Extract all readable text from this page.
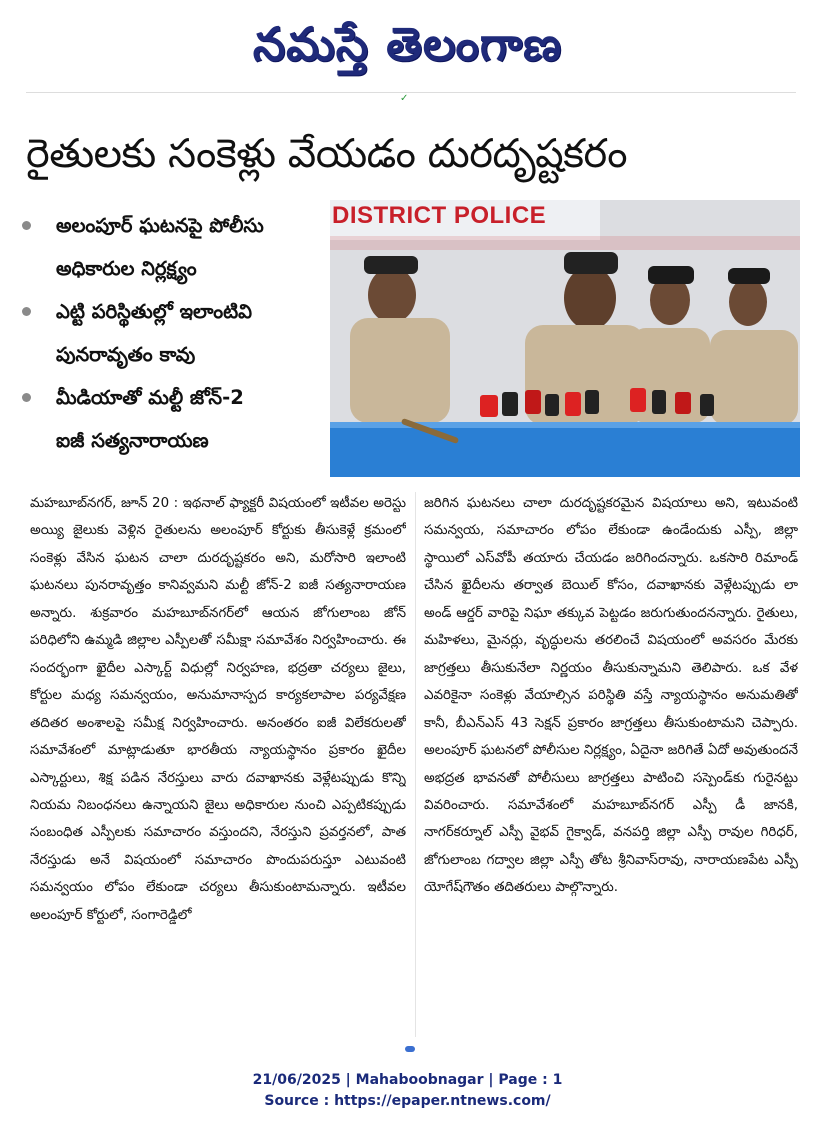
నమస్తే తెలంగాణ
✓
రైతులకు సంకెళ్లు వేయడం దురదృష్టకరం
అలంపూర్ ఘటనపై పోలీసు
అధికారుల నిర్లక్ష్యం
ఎట్టి పరిస్థితుల్లో ఇలాంటివి
పునరావృతం కావు
మీడియాతో మల్టీ జోన్-2
ఐజీ సత్యనారాయణ
DISTRICT POLICE
మహబూబ్‌నగర్, జూన్ 20 : ఇథనాల్ ఫ్యాక్టరీ విషయంలో ఇటీవల అరెస్టు అయ్యి జైలుకు వెళ్లిన రైతులను అలంపూర్ కోర్టుకు తీసుకెళ్లే క్రమంలో సంకెళ్లు వేసిన ఘటన చాలా దురదృష్టకరం అని, మరోసారి ఇలాంటి ఘటనలు పునరావృత్తం కానివ్వమని మల్టీ జోన్-2 ఐజీ సత్యనారాయణ అన్నారు. శుక్రవారం మహబూబ్‌నగర్‌లో ఆయన జోగులాంబ జోన్ పరిధిలోని ఉమ్మడి జిల్లాల ఎస్పీలతో సమీక్షా సమావేశం నిర్వహించారు. ఈ సందర్భంగా ఖైదీల ఎస్కార్ట్ విధుల్లో నిర్వహణ, భద్రతా చర్యలు జైలు, కోర్టుల మధ్య సమన్వయం, అనుమానాస్పద కార్యకలాపాల పర్యవేక్షణ తదితర అంశాలపై సమీక్ష నిర్వహించారు. అనంతరం ఐజీ విలేకరులతో సమావేశంలో మాట్లాడుతూ భారతీయ న్యాయస్థానం ప్రకారం ఖైదీల ఎస్కార్టులు, శిక్ష పడిన నేరస్తులు వారు దవాఖానకు వెళ్లేటప్పుడు కొన్ని నియమ నిబంధనలు ఉన్నాయని జైలు అధికారుల నుంచి ఎప్పటికప్పుడు సంబంధిత ఎస్పీలకు సమాచారం వస్తుందని, నేరస్తుని ప్రవర్తనలో, పాత నేరస్తుడు అనే విషయంలో సమాచారం పొందుపరుస్తూ ఎటువంటి సమన్వయం లోపం లేకుండా చర్యలు తీసుకుంటామన్నారు. ఇటీవల అలంపూర్ కోర్టులో, సంగారెడ్డిలో
జరిగిన ఘటనలు చాలా దురదృష్టకరమైన విషయాలు అని, ఇటువంటి సమన్వయ, సమాచారం లోపం లేకుండా ఉండేందుకు ఎస్పీ, జిల్లా స్థాయిలో ఎస్‌వోపీ తయారు చేయడం జరిగిందన్నారు. ఒకసారి రిమాండ్ చేసిన ఖైదీలను తర్వాత బెయిల్ కోసం, దవాఖానకు వెళ్లేటప్పుడు లా అండ్ ఆర్డర్ వారిపై నిఘా తక్కువ పెట్టడం జరుగుతుందనన్నారు. రైతులు, మహిళలు, మైనర్లు, వృద్ధులను తరలించే విషయంలో అవసరం మేరకు జాగ్రత్తలు తీసుకునేలా నిర్ణయం తీసుకున్నామని తెలిపారు. ఒక వేళ ఎవరికైనా సంకెళ్లు వేయాల్సిన పరిస్థితి వస్తే న్యాయస్థానం అనుమతితో కానీ, బీఎన్ఎస్ 43 సెక్షన్ ప్రకారం జాగ్రత్తలు తీసుకుంటామని చెప్పారు. అలంపూర్ ఘటనలో పోలీసుల నిర్లక్ష్యం, ఏదైనా జరిగితే ఏదో అవుతుందనే అభద్రత భావనతో పోలీసులు జాగ్రత్తలు పాటించి సస్పెండ్‌కు గురైనట్టు వివరించారు. సమావేశంలో మహబూబ్‌నగర్ ఎస్పీ డీ జానకి, నాగర్‌కర్నూల్ ఎస్పీ వైభవ్ గైక్వాడ్, వనపర్తి జిల్లా ఎస్పీ రావుల గిరిధర్, జోగులాంబ గద్వాల జిల్లా ఎస్పీ తోట శ్రీనివాస్‌రావు, నారాయణపేట ఎస్పీ యోగేష్‌గౌతం తదితరులు పాల్గొన్నారు.
21/06/2025 | Mahaboobnagar | Page : 1
Source : https://epaper.ntnews.com/
